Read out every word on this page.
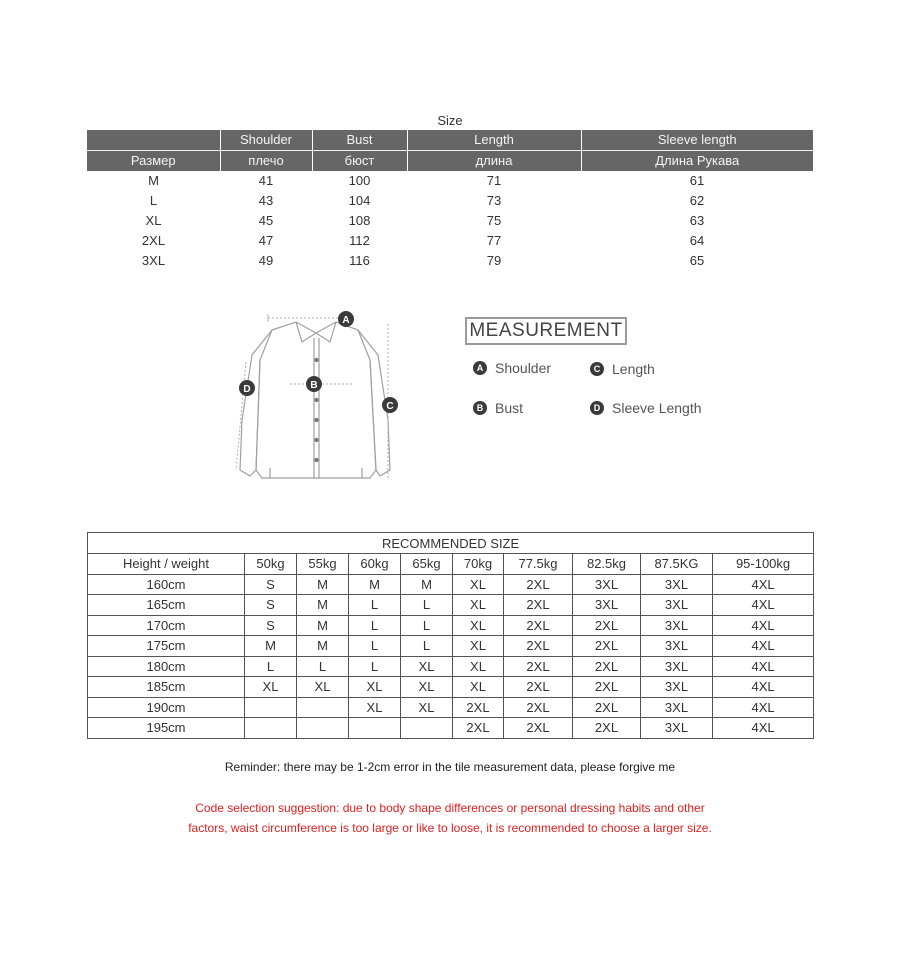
Size
	Shoulder	Bust	Length	Sleeve length
Размер	плечо	бюст	длина	Длина Рукава
M	41	100	71	61
L	43	104	73	62
XL	45	108	75	63
2XL	47	112	77	64
3XL	49	116	79	65
A
B
C
D
MEASUREMENT
A Shoulder
B Bust
C Length
D Sleeve Length
RECOMMENDED SIZE									
Height / weight	50kg	55kg	60kg	65kg	70kg	77.5kg	82.5kg	87.5KG	95-100kg
160cm	S	M	M	M	XL	2XL	3XL	3XL	4XL
165cm	S	M	L	L	XL	2XL	3XL	3XL	4XL
170cm	S	M	L	L	XL	2XL	2XL	3XL	4XL
175cm	M	M	L	L	XL	2XL	2XL	3XL	4XL
180cm	L	L	L	XL	XL	2XL	2XL	3XL	4XL
185cm	XL	XL	XL	XL	XL	2XL	2XL	3XL	4XL
190cm			XL	XL	2XL	2XL	2XL	3XL	4XL
195cm					2XL	2XL	2XL	3XL	4XL
Reminder: there may be 1-2cm error in the tile measurement data, please forgive me
Code selection suggestion: due to body shape differences or personal dressing habits and other
factors, waist circumference is too large or like to loose, it is recommended to choose a larger size.
